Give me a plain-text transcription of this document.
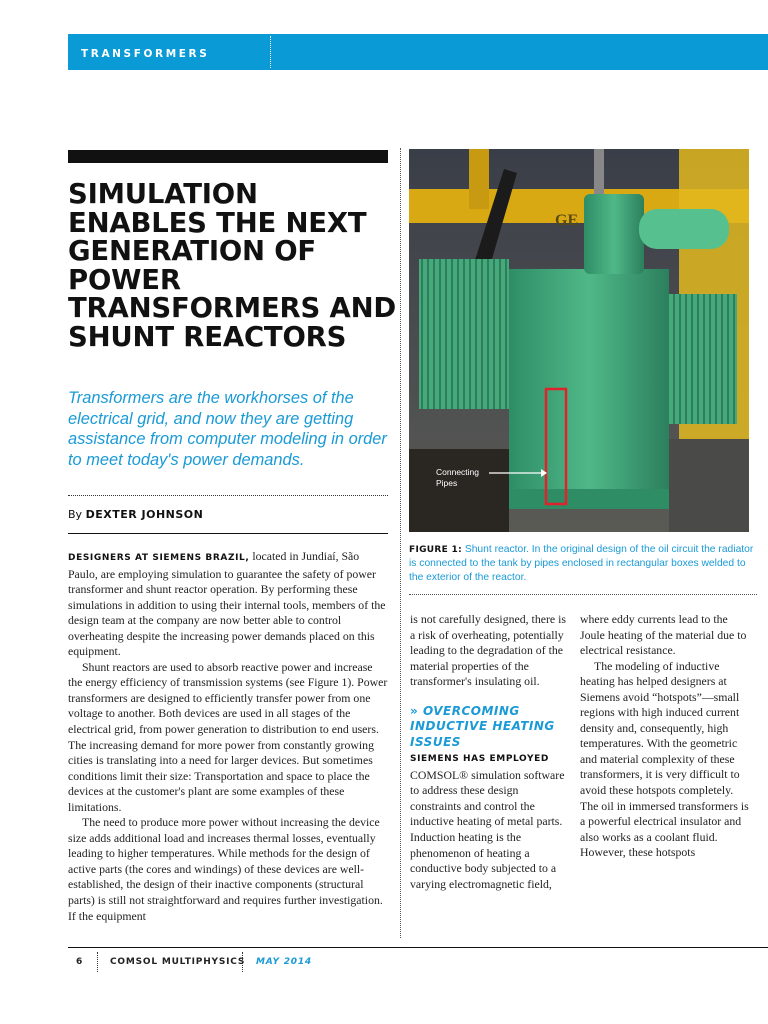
TRANSFORMERS
SIMULATION ENABLES THE NEXT GENERATION OF POWER TRANSFORMERS AND SHUNT REACTORS

Transformers are the workhorses of the electrical grid, and now they are getting assistance from computer modeling in order to meet today's power demands.

By DEXTER JOHNSON

DESIGNERS AT SIEMENS BRAZIL, located in Jundiaí, São Paulo, are employing simulation to guarantee the safety of power transformer and shunt reactor operation. By performing these simulations in addition to using their internal tools, members of the design team at the company are now better able to control overheating despite the increasing power demands placed on this equipment.

Shunt reactors are used to absorb reactive power and increase the energy efficiency of transmission systems (see Figure 1). Power transformers are designed to efficiently transfer power from one voltage to another. Both devices are used in all stages of the electrical grid, from power generation to distribution to end users. The increasing demand for more power from constantly growing cities is translating into a need for larger devices. But sometimes conditions limit their size: Transportation and space to place the devices at the customer's plant are some examples of these limitations.

The need to produce more power without increasing the device size adds additional load and increases thermal losses, eventually leading to higher temperatures. While methods for the design of active parts (the cores and windings) of these devices are well-established, the design of their inactive components (structural parts) is still not straightforward and requires further investigation. If the equipment

GE
Connecting Pipes
FIGURE 1: Shunt reactor. In the original design of the oil circuit the radiator is connected to the tank by pipes enclosed in rectangular boxes welded to the exterior of the reactor.

is not carefully designed, there is a risk of overheating, potentially leading to the degradation of the material properties of the transformer's insulating oil.

» OVERCOMING INDUCTIVE HEATING ISSUES

SIEMENS HAS EMPLOYED
COMSOL® simulation software to address these design constraints and control the inductive heating of metal parts. Induction heating is the phenomenon of heating a conductive body subjected to a varying electromagnetic field,

where eddy currents lead to the Joule heating of the material due to electrical resistance.

The modeling of inductive heating has helped designers at Siemens avoid “hotspots”—small regions with high induced current density and, consequently, high temperatures. With the geometric and material complexity of these transformers, it is very difficult to avoid these hotspots completely. The oil in immersed transformers is a powerful electrical insulator and also works as a coolant fluid. However, these hotspots

6	COMSOL MULTIPHYSICS MAY 2014
